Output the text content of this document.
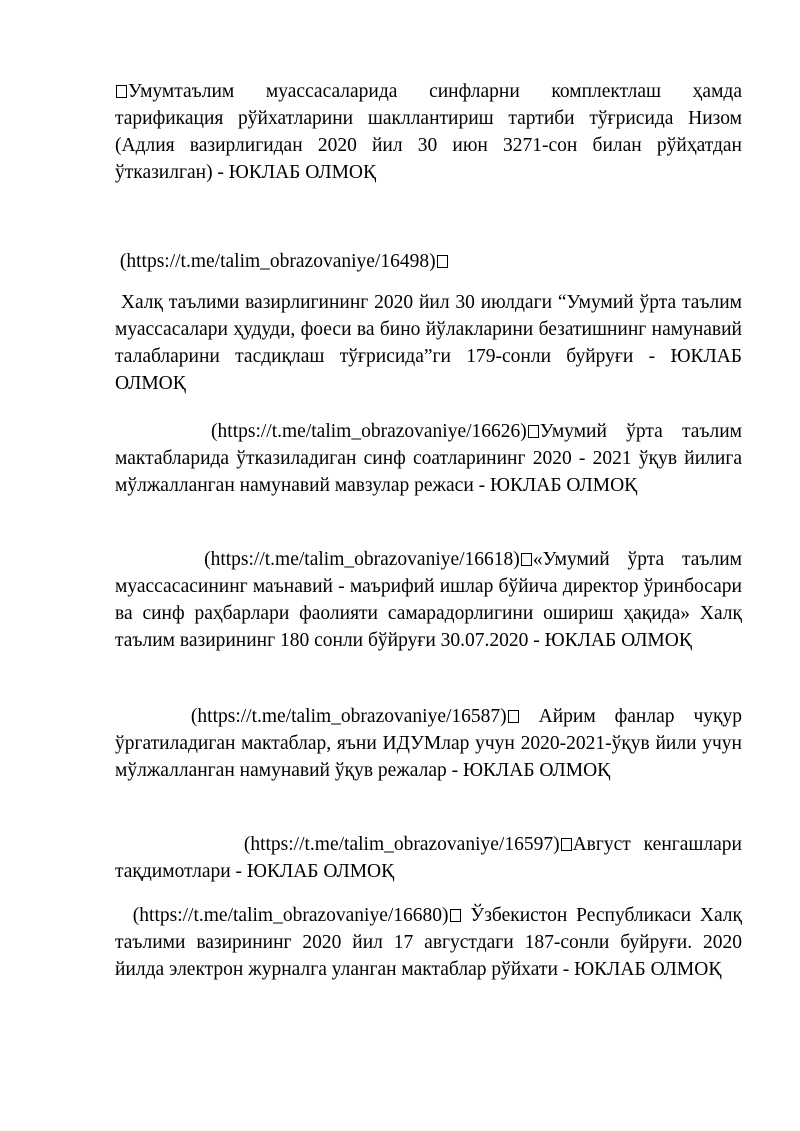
Умумтаълим муассасаларида синфларни комплектлаш ҳамда тарификация рўйхатларини шакллантириш тартиби тўғрисида Низом (Адлия вазирлигидан 2020 йил 30 июн 3271-сон билан рўйҳатдан ўтказилган) - ЮКЛАБ ОЛМОҚ

(https://t.me/talim_obrazovaniye/16498)

Халқ таълими вазирлигининг 2020 йил 30 июлдаги “Умумий ўрта таълим муассасалари ҳудуди, фоеси ва бино йўлакларини безатишнинг намунавий талабларини тасдиқлаш тўғрисида”ги 179-сонли буйруғи - ЮКЛАБ ОЛМОҚ

(https://t.me/talim_obrazovaniye/16626) Умумий ўрта таълим мактабларида ўтказиладиган синф соатларининг 2020 - 2021 ўқув йилига мўлжалланган намунавий мавзулар режаси - ЮКЛАБ ОЛМОҚ

(https://t.me/talim_obrazovaniye/16618) «Умумий ўрта таълим муассасасининг маънавий - маърифий ишлар бўйича директор ўринбосари ва синф раҳбарлари фаолияти самарадорлигини ошириш ҳақида» Халқ таълим вазирининг 180 сонли бўйруғи 30.07.2020 - ЮКЛАБ ОЛМОҚ

(https://t.me/talim_obrazovaniye/16587) Айрим фанлар чуқур ўргатиладиган мактаблар, яъни ИДУМлар учун 2020-2021-ўқув йили учун мўлжалланган намунавий ўқув режалар - ЮКЛАБ ОЛМОҚ

(https://t.me/talim_obrazovaniye/16597) Август кенгашлари тақдимотлари - ЮКЛАБ ОЛМОҚ

(https://t.me/talim_obrazovaniye/16680) Ўзбекистон Республикаси Халқ таълими вазирининг 2020 йил 17 августдаги 187-сонли буйруғи. 2020 йилда электрон журналга уланган мактаблар рўйхати - ЮКЛАБ ОЛМОҚ
